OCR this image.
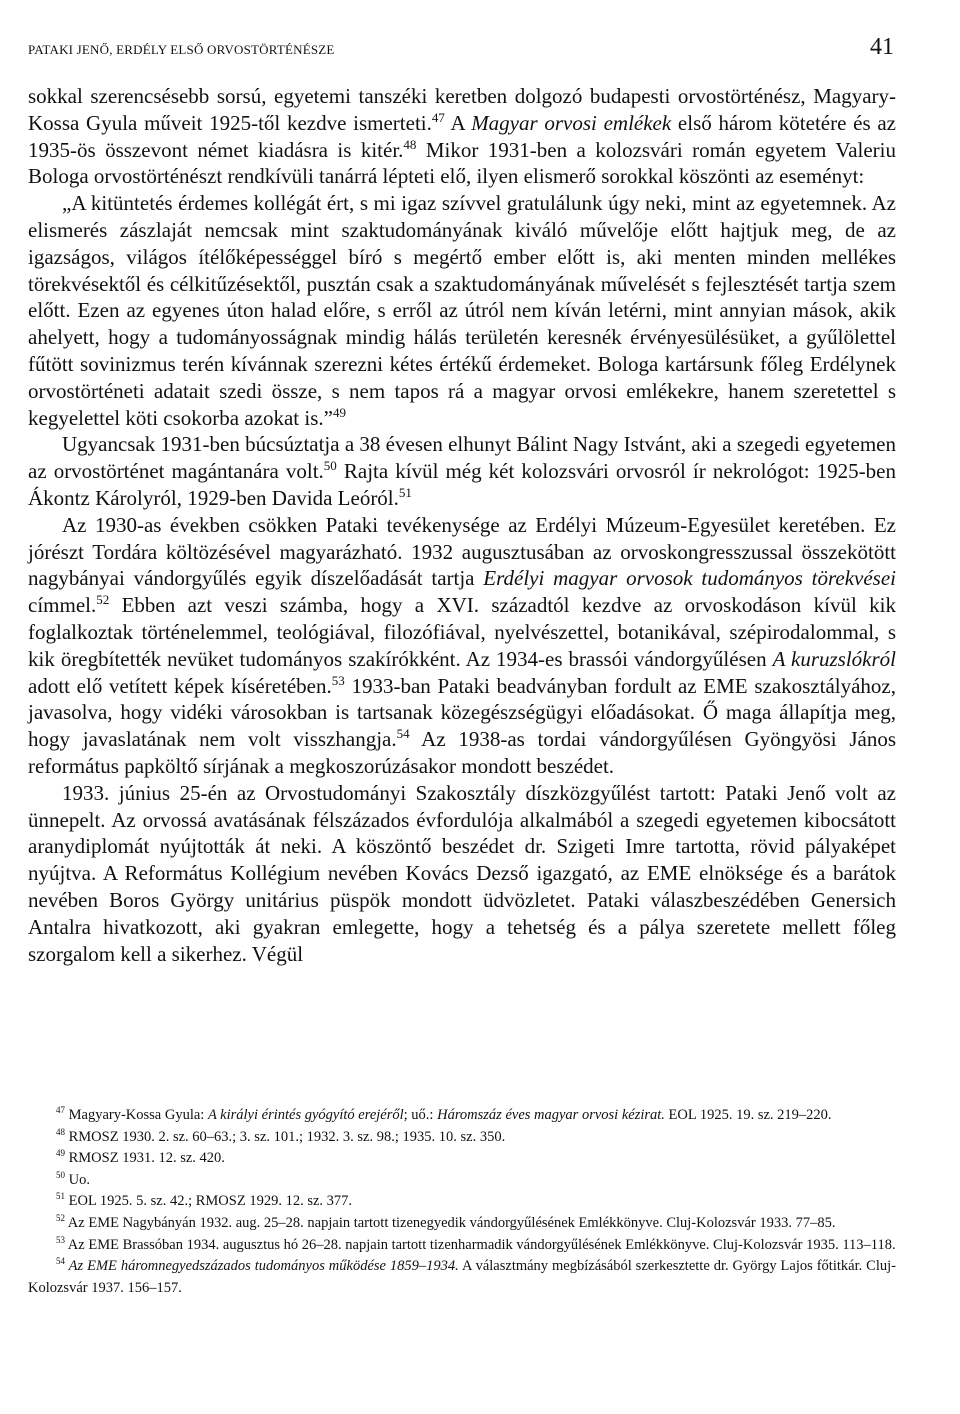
PATAKI JENŐ, ERDÉLY ELSŐ ORVOSTÖRTÉNÉSZE	41

sokkal szerencsésebb sorsú, egyetemi tanszéki keretben dolgozó budapesti orvostörténész, Magyary-Kossa Gyula műveit 1925-től kezdve ismerteti.$^{47}$ A Magyar orvosi emlékek első három kötetére és az 1935-ös összevont német kiadásra is kitér.$^{48}$ Mikor 1931-ben a kolozsvári román egyetem Valeriu Bologa orvostörténészt rendkívüli tanárrá lépteti elő, ilyen elismerő sorokkal köszönti az eseményt:

„A kitüntetés érdemes kollégát ért, s mi igaz szívvel gratulálunk úgy neki, mint az egyetemnek. Az elismerés zászlaját nemcsak mint szaktudományának kiváló művelője előtt hajtjuk meg, de az igazságos, világos ítélőképességgel bíró s megértő ember előtt is, aki menten minden mellékes törekvésektől és célkitűzésektől, pusztán csak a szaktudományának művelését s fejlesztését tartja szem előtt. Ezen az egyenes úton halad előre, s erről az útról nem kíván letérni, mint annyian mások, akik ahelyett, hogy a tudományosságnak mindig hálás területén keresnék érvényesülésüket, a gyűlölettel fűtött sovinizmus terén kívánnak szerezni kétes értékű érdemeket. Bologa kartársunk főleg Erdélynek orvostörténeti adatait szedi össze, s nem tapos rá a magyar orvosi emlékekre, hanem szeretettel s kegyelettel köti csokorba azokat is.”$^{49}$

Ugyancsak 1931-ben búcsúztatja a 38 évesen elhunyt Bálint Nagy Istvánt, aki a szegedi egyetemen az orvostörténet magántanára volt.$^{50}$ Rajta kívül még két kolozsvári orvosról ír nekrológot: 1925-ben Ákontz Károlyról, 1929-ben Davida Leóról.$^{51}$

Az 1930-as években csökken Pataki tevékenysége az Erdélyi Múzeum-Egyesület keretében. Ez jórészt Tordára költözésével magyarázható. 1932 augusztusában az orvoskongresszussal összekötött nagybányai vándorgyűlés egyik díszelőadását tartja Erdélyi magyar orvosok tudományos törekvései címmel.$^{52}$ Ebben azt veszi számba, hogy a XVI. századtól kezdve az orvoskodáson kívül kik foglalkoztak történelemmel, teológiával, filozófiával, nyelvészettel, botanikával, szépirodalommal, s kik öregbítették nevüket tudományos szakírókként. Az 1934-es brassói vándorgyűlésen A kuruzslókról adott elő vetített képek kíséretében.$^{53}$ 1933-ban Pataki beadványban fordult az EME szakosztályához, javasolva, hogy vidéki városokban is tartsanak közegészségügyi előadásokat. Ő maga állapítja meg, hogy javaslatának nem volt visszhangja.$^{54}$ Az 1938-as tordai vándorgyűlésen Gyöngyösi János református papköltő sírjának a megkoszorúzásakor mondott beszédet.

1933. június 25-én az Orvostudományi Szakosztály díszközgyűlést tartott: Pataki Jenő volt az ünnepelt. Az orvossá avatásának félszázados évfordulója alkalmából a szegedi egyetemen kibocsátott aranydiplomát nyújtották át neki. A köszöntő beszédet dr. Szigeti Imre tartotta, rövid pályaképet nyújtva. A Református Kollégium nevében Kovács Dezső igazgató, az EME elnöksége és a barátok nevében Boros György unitárius püspök mondott üdvözletet. Pataki válaszbeszédében Genersich Antalra hivatkozott, aki gyakran emlegette, hogy a tehetség és a pálya szeretete mellett főleg szorgalom kell a sikerhez. Végül

$^{47}$ Magyary-Kossa Gyula: A királyi érintés gyógyító erejéről; uő.: Háromszáz éves magyar orvosi kézirat. EOL 1925. 19. sz. 219–220.

$^{48}$ RMOSZ 1930. 2. sz. 60–63.; 3. sz. 101.; 1932. 3. sz. 98.; 1935. 10. sz. 350.

$^{49}$ RMOSZ 1931. 12. sz. 420.

$^{50}$ Uo.

$^{51}$ EOL 1925. 5. sz. 42.; RMOSZ 1929. 12. sz. 377.

$^{52}$ Az EME Nagybányán 1932. aug. 25–28. napjain tartott tizenegyedik vándorgyűlésének Emlékkönyve. Cluj-Kolozsvár 1933. 77–85.

$^{53}$ Az EME Brassóban 1934. augusztus hó 26–28. napjain tartott tizenharmadik vándorgyűlésének Emlékkönyve. Cluj-Kolozsvár 1935. 113–118.

$^{54}$ Az EME háromnegyedszázados tudományos működése 1859–1934. A választmány megbízásából szerkesztette dr. György Lajos főtitkár. Cluj-Kolozsvár 1937. 156–157.
